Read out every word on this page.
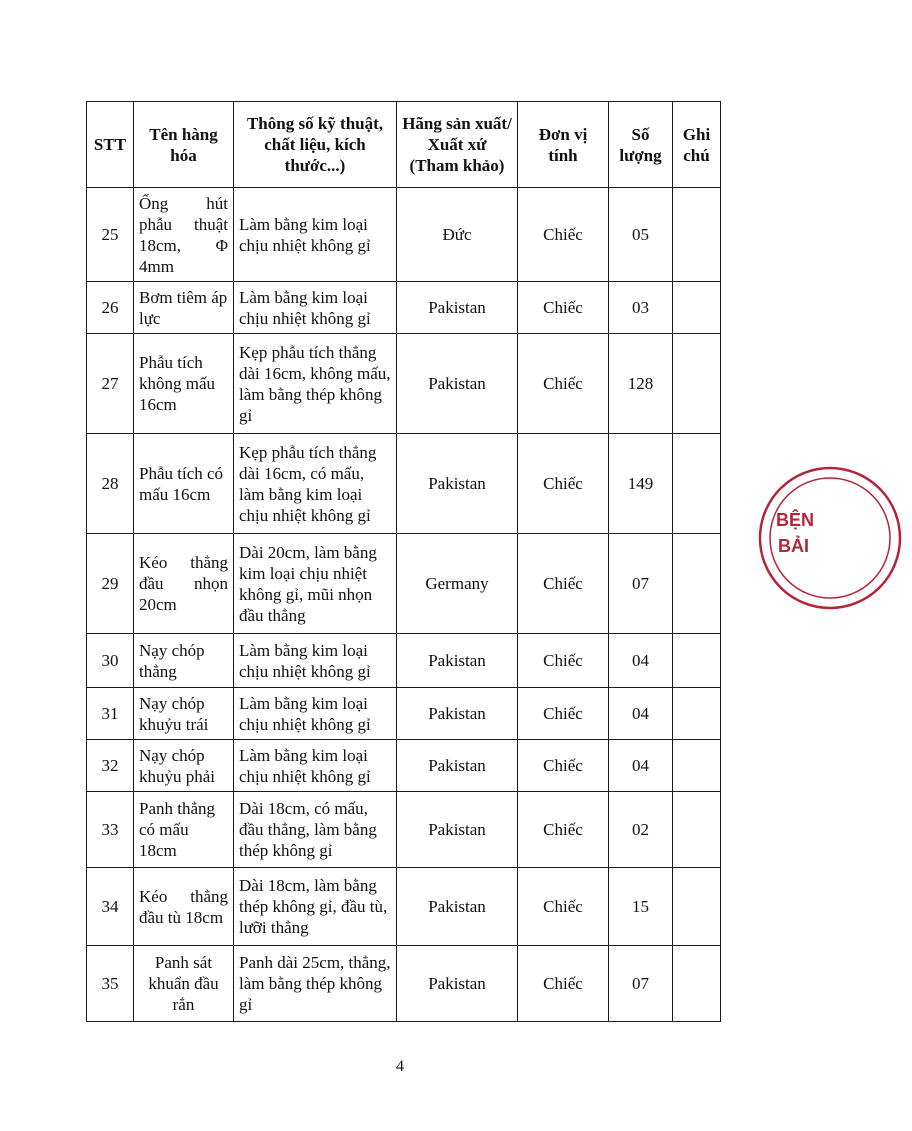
STT	Tên hàng hóa	Thông số kỹ thuật, chất liệu, kích thước...)	Hãng sản xuất/ Xuất xứ (Tham khảo)	Đơn vị tính	Số lượng	Ghi chú
25	Ống hút phẫu thuật 18cm, Φ 4mm	Làm bằng kim loại chịu nhiệt không gỉ	Đức	Chiếc	05	
26	Bơm tiêm áp lực	Làm bằng kim loại chịu nhiệt không gỉ	Pakistan	Chiếc	03	
27	Phẫu tích không mấu 16cm	Kẹp phẫu tích thẳng dài 16cm, không mấu, làm bằng thép không gỉ	Pakistan	Chiếc	128	
28	Phẫu tích có mấu 16cm	Kẹp phẫu tích thẳng dài 16cm, có mấu, làm bằng kim loại chịu nhiệt không gỉ	Pakistan	Chiếc	149	
29	Kéo thẳng đầu nhọn 20cm	Dài 20cm, làm bằng kim loại chịu nhiệt không gỉ, mũi nhọn đầu thẳng	Germany	Chiếc	07	
30	Nạy chóp thẳng	Làm bằng kim loại chịu nhiệt không gỉ	Pakistan	Chiếc	04	
31	Nạy chóp khuỷu trái	Làm bằng kim loại chịu nhiệt không gỉ	Pakistan	Chiếc	04	
32	Nạy chóp khuỷu phải	Làm bằng kim loại chịu nhiệt không gỉ	Pakistan	Chiếc	04	
33	Panh thẳng có mấu 18cm	Dài 18cm, có mấu, đầu thẳng, làm bằng thép không gỉ	Pakistan	Chiếc	02	
34	Kéo thẳng đầu tù 18cm	Dài 18cm, làm bằng thép không gỉ, đầu tù, lưỡi thẳng	Pakistan	Chiếc	15	
35	Panh sát khuẩn đầu rắn	Panh dài 25cm, thẳng, làm bằng thép không gỉ	Pakistan	Chiếc	07	
4
BỆN
BẢI
